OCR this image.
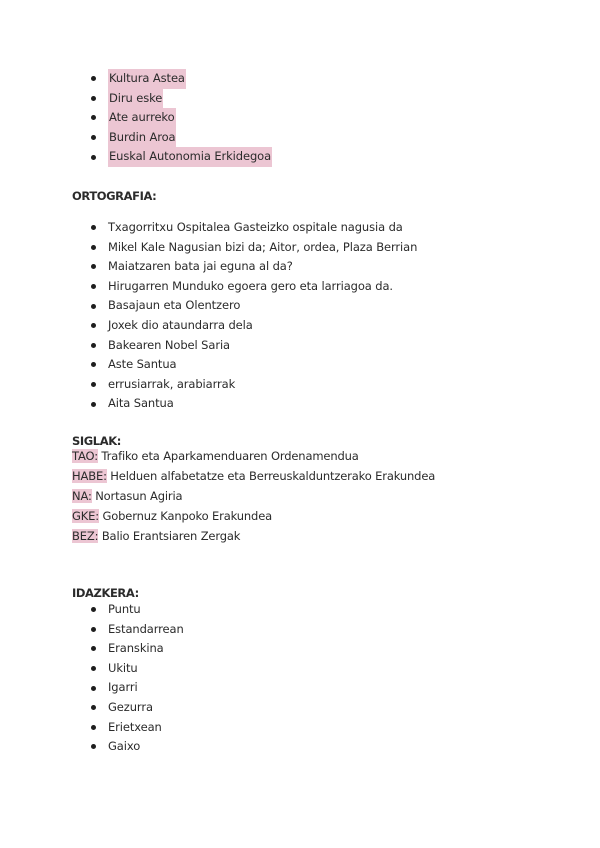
Kultura Astea
Diru eske
Ate aurreko
Burdin Aroa
Euskal Autonomia Erkidegoa
ORTOGRAFIA:
Txagorritxu Ospitalea Gasteizko ospitale nagusia da
Mikel Kale Nagusian bizi da; Aitor, ordea, Plaza Berrian
Maiatzaren bata jai eguna al da?
Hirugarren Munduko egoera gero eta larriagoa da.
Basajaun eta Olentzero
Joxek dio ataundarra dela
Bakearen Nobel Saria
Aste Santua
errusiarrak, arabiarrak
Aita Santua
SIGLAK:
TAO: Trafiko eta Aparkamenduaren Ordenamendua
HABE: Helduen alfabetatze eta Berreuskalduntzerako Erakundea
NA: Nortasun Agiria
GKE: Gobernuz Kanpoko Erakundea
BEZ: Balio Erantsiaren Zergak
IDAZKERA:
Puntu
Estandarrean
Eranskina
Ukitu
Igarri
Gezurra
Erietxean
Gaixo
